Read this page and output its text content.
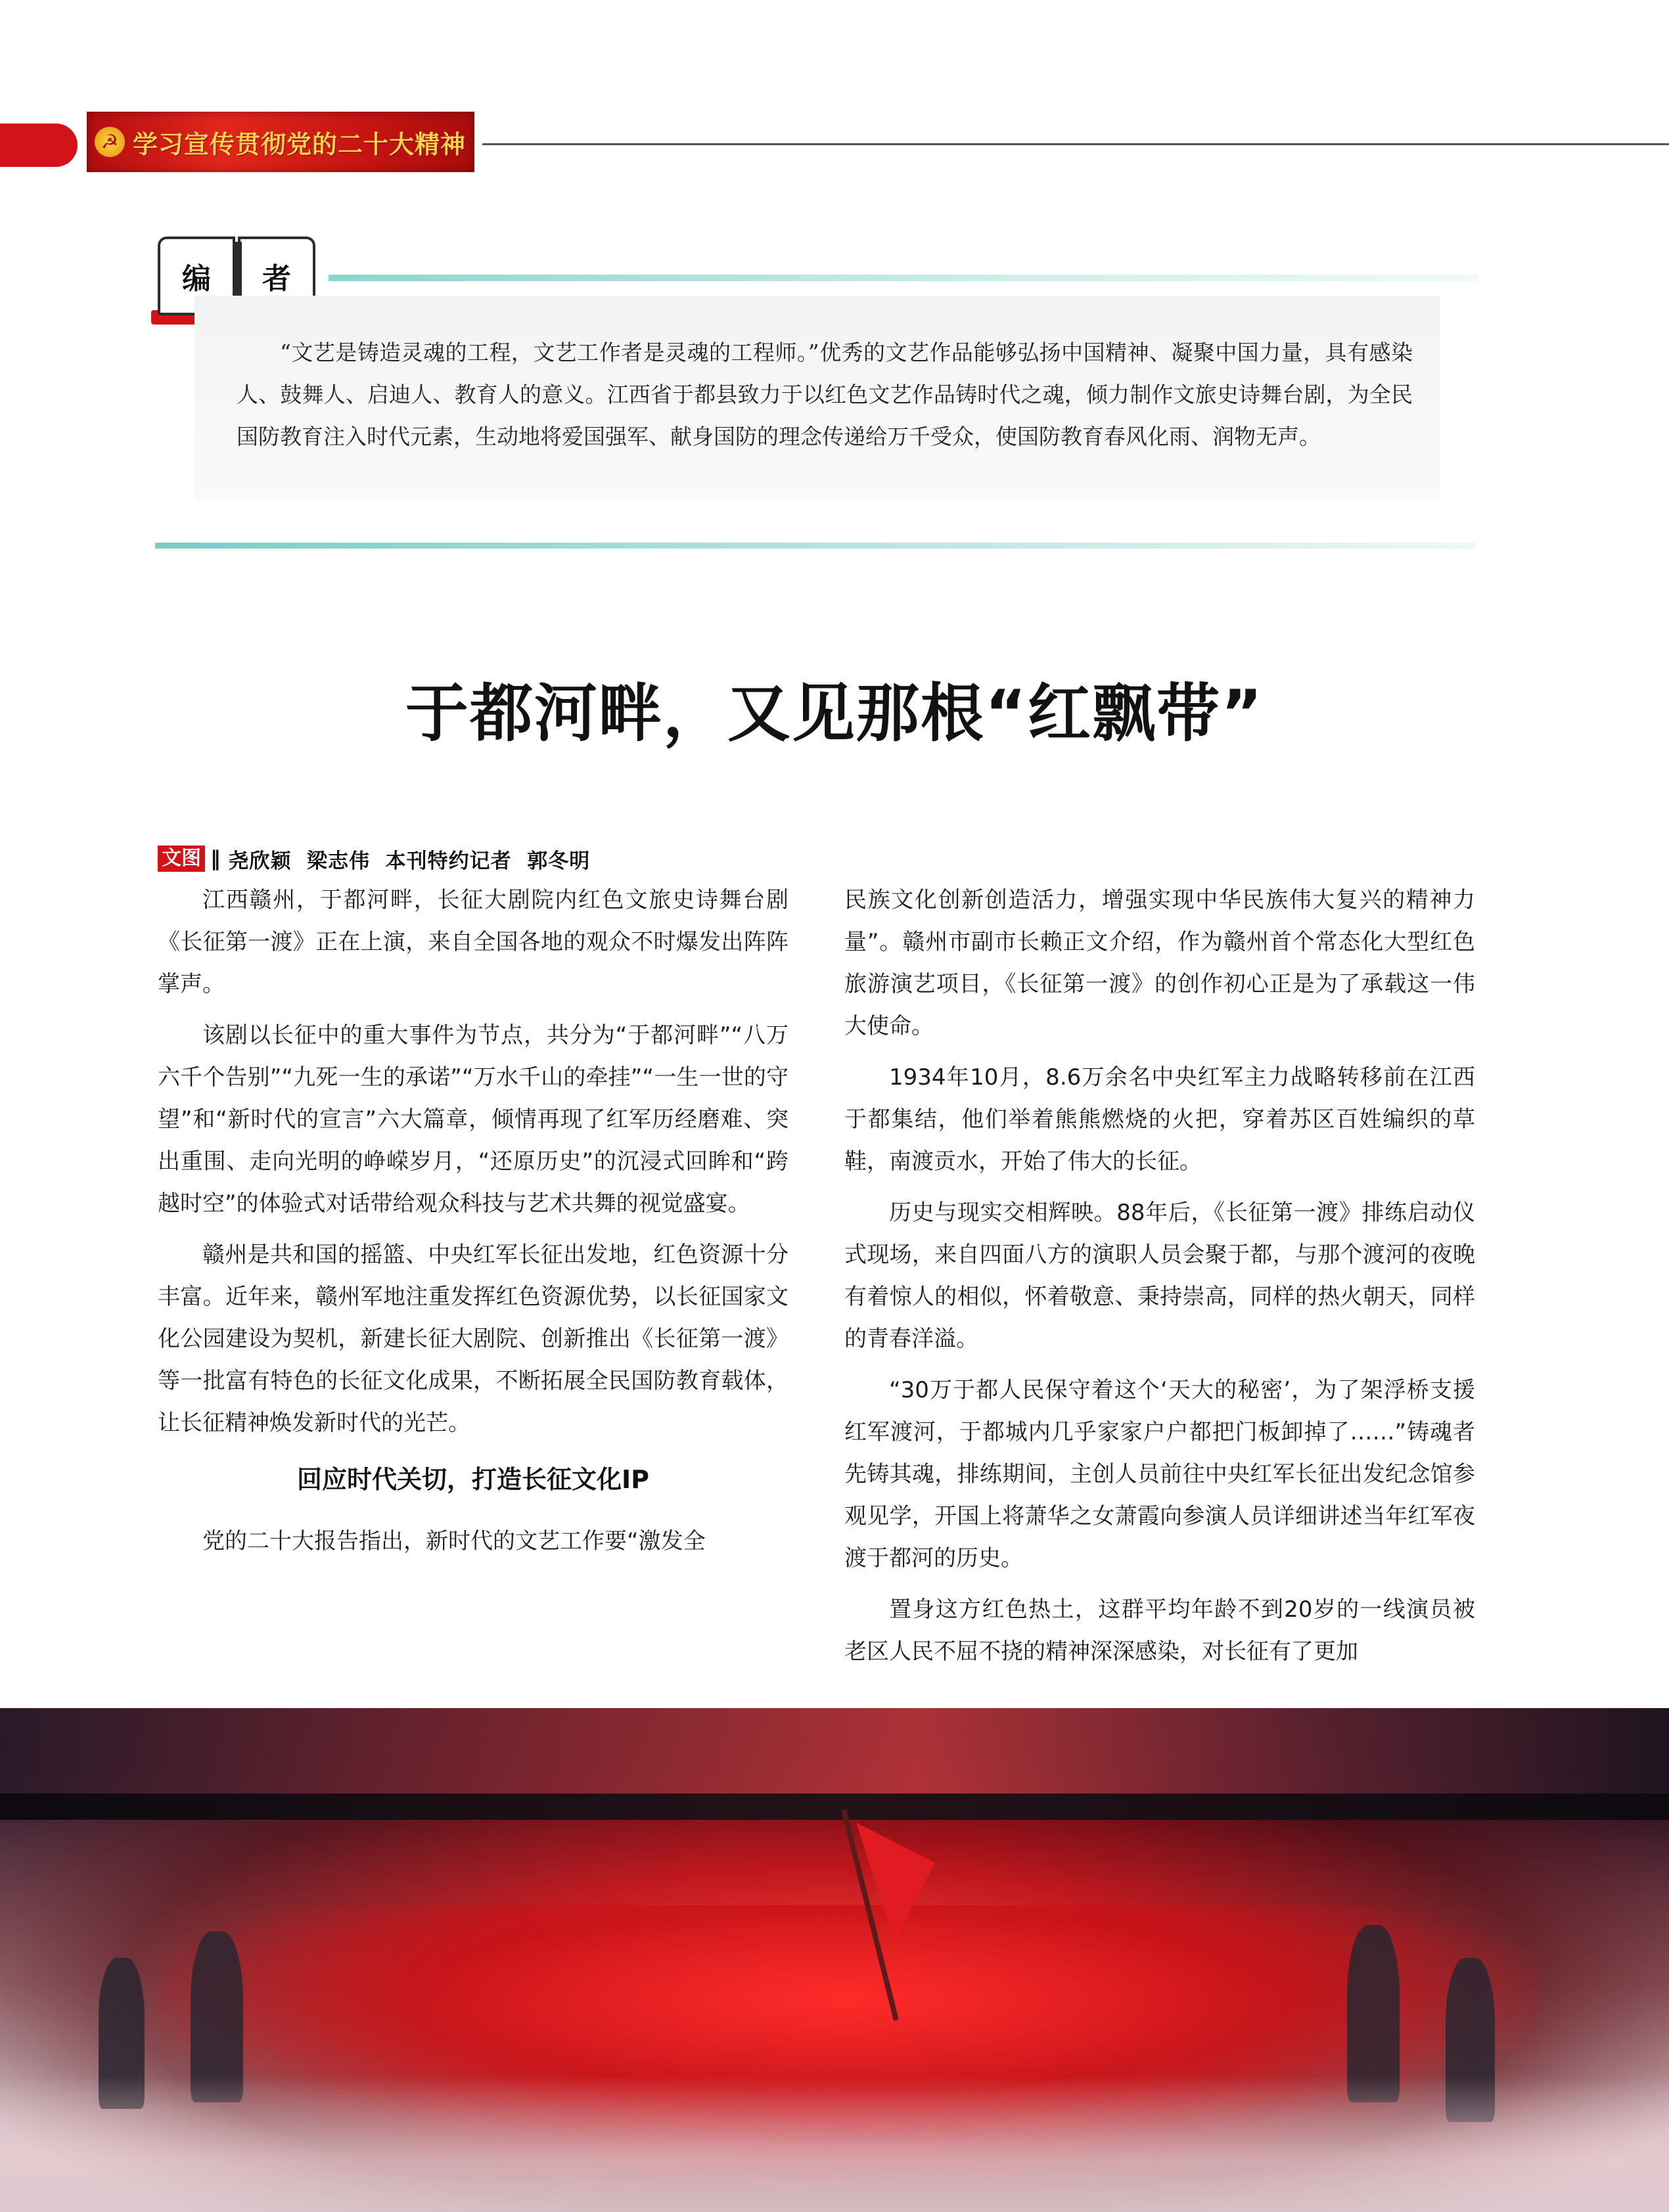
☭ 学习宣传贯彻党的二十大精神
编	者

“文艺是铸造灵魂的工程，文艺工作者是灵魂的工程师。”优秀的文艺作品能够弘扬中国精神、凝聚中国力量，具有感染人、鼓舞人、启迪人、教育人的意义。江西省于都县致力于以红色文艺作品铸时代之魂，倾力制作文旅史诗舞台剧，为全民国防教育注入时代元素，生动地将爱国强军、献身国防的理念传递给万千受众，使国防教育春风化雨、润物无声。

于都河畔，又见那根“红飘带”
文图 ‖ 尧欣颖  梁志伟  本刊特约记者  郭冬明

江西赣州，于都河畔，长征大剧院内红色文旅史诗舞台剧《长征第一渡》正在上演，来自全国各地的观众不时爆发出阵阵掌声。

该剧以长征中的重大事件为节点，共分为“于都河畔”“八万六千个告别”“九死一生的承诺”“万水千山的牵挂”“一生一世的守望”和“新时代的宣言”六大篇章，倾情再现了红军历经磨难、突出重围、走向光明的峥嵘岁月，“还原历史”的沉浸式回眸和“跨越时空”的体验式对话带给观众科技与艺术共舞的视觉盛宴。

赣州是共和国的摇篮、中央红军长征出发地，红色资源十分丰富。近年来，赣州军地注重发挥红色资源优势，以长征国家文化公园建设为契机，新建长征大剧院、创新推出《长征第一渡》等一批富有特色的长征文化成果，不断拓展全民国防教育载体，让长征精神焕发新时代的光芒。

回应时代关切，打造长征文化IP

党的二十大报告指出，新时代的文艺工作要“激发全

民族文化创新创造活力，增强实现中华民族伟大复兴的精神力量”。赣州市副市长赖正文介绍，作为赣州首个常态化大型红色旅游演艺项目，《长征第一渡》的创作初心正是为了承载这一伟大使命。

1934年10月，8.6万余名中央红军主力战略转移前在江西于都集结，他们举着熊熊燃烧的火把，穿着苏区百姓编织的草鞋，南渡贡水，开始了伟大的长征。

历史与现实交相辉映。88年后，《长征第一渡》排练启动仪式现场，来自四面八方的演职人员会聚于都，与那个渡河的夜晚有着惊人的相似，怀着敬意、秉持崇高，同样的热火朝天，同样的青春洋溢。

“30万于都人民保守着这个‘天大的秘密’，为了架浮桥支援红军渡河，于都城内几乎家家户户都把门板卸掉了……”铸魂者先铸其魂，排练期间，主创人员前往中央红军长征出发纪念馆参观见学，开国上将萧华之女萧霞向参演人员详细讲述当年红军夜渡于都河的历史。

置身这方红色热土，这群平均年龄不到20岁的一线演员被老区人民不屈不挠的精神深深感染，对长征有了更加
